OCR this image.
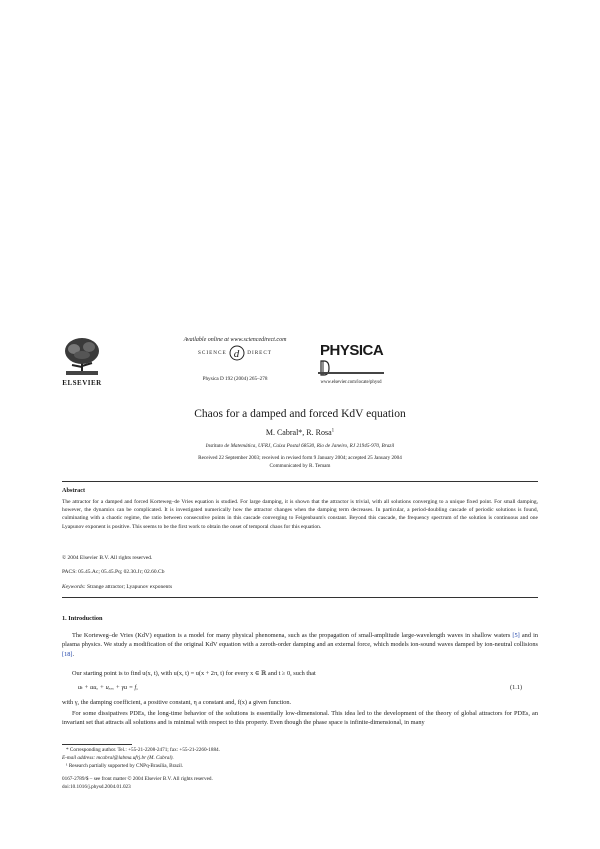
ELSEVIER
Available online at www.sciencedirect.com
SCIENCE d DIRECT
Physica D 192 (2004) 265–278
PHYSICA
www.elsevier.com/locate/physd
Chaos for a damped and forced KdV equation
M. Cabral*, R. Rosa$^1$
Instituto de Matemática, UFRJ, Caixa Postal 68530, Rio de Janeiro, RJ 21945-970, Brazil
Received 22 September 2003; received in revised form 9 January 2004; accepted 25 January 2004
Communicated by R. Temam
Abstract
The attractor for a damped and forced Korteweg–de Vries equation is studied. For large damping, it is shown that the attractor is trivial, with all solutions converging to a unique fixed point. For small damping, however, the dynamics can be complicated. It is investigated numerically how the attractor changes when the damping term decreases. In particular, a period-doubling cascade of periodic solutions is found, culminating with a chaotic regime, the ratio between consecutive points in this cascade converging to Feigenbaum's constant. Beyond this cascade, the frequency spectrum of the solution is continuous and one Lyapunov exponent is positive. This seems to be the first work to obtain the onset of temporal chaos for this equation.
© 2004 Elsevier B.V. All rights reserved.
PACS: 05.45.Ac; 05.45.Pq; 02.30.Jr; 02.60.Cb
Keywords: Strange attractor; Lyapunov exponents
1. Introduction
The Korteweg–de Vries (KdV) equation is a model for many physical phenomena, such as the propagation of small-amplitude large-wavelength waves in shallow waters [5] and in plasma physics. We study a modification of the original KdV equation with a zeroth-order damping and an external force, which models ion-sound waves damped by ion-neutral collisions [18].
Our starting point is to find u(x, t), with u(x, t) = u(x + 2π, t) for every x ∈ ℝ and t ≥ 0, such that
uₜ + uuₓ + uₓₓₓ + γu = f,	(1.1)
with γ, the damping coefficient, a positive constant, η a constant and, f(x) a given function.
For some dissipatives PDEs, the long-time behavior of the solutions is essentially low-dimensional. This idea led to the development of the theory of global attractors for PDEs, an invariant set that attracts all solutions and is minimal with respect to this property. Even though the phase space is infinite-dimensional, in many
* Corresponding author. Tel.: +55-21-2208-2471; fax: +55-21-2260-1884.
E-mail address: mcabral@labma.ufrj.br (M. Cabral).
¹ Research partially supported by CNPq-Brasília, Brazil.
0167-2789/$ – see front matter © 2004 Elsevier B.V. All rights reserved.
doi:10.1016/j.physd.2004.01.023
